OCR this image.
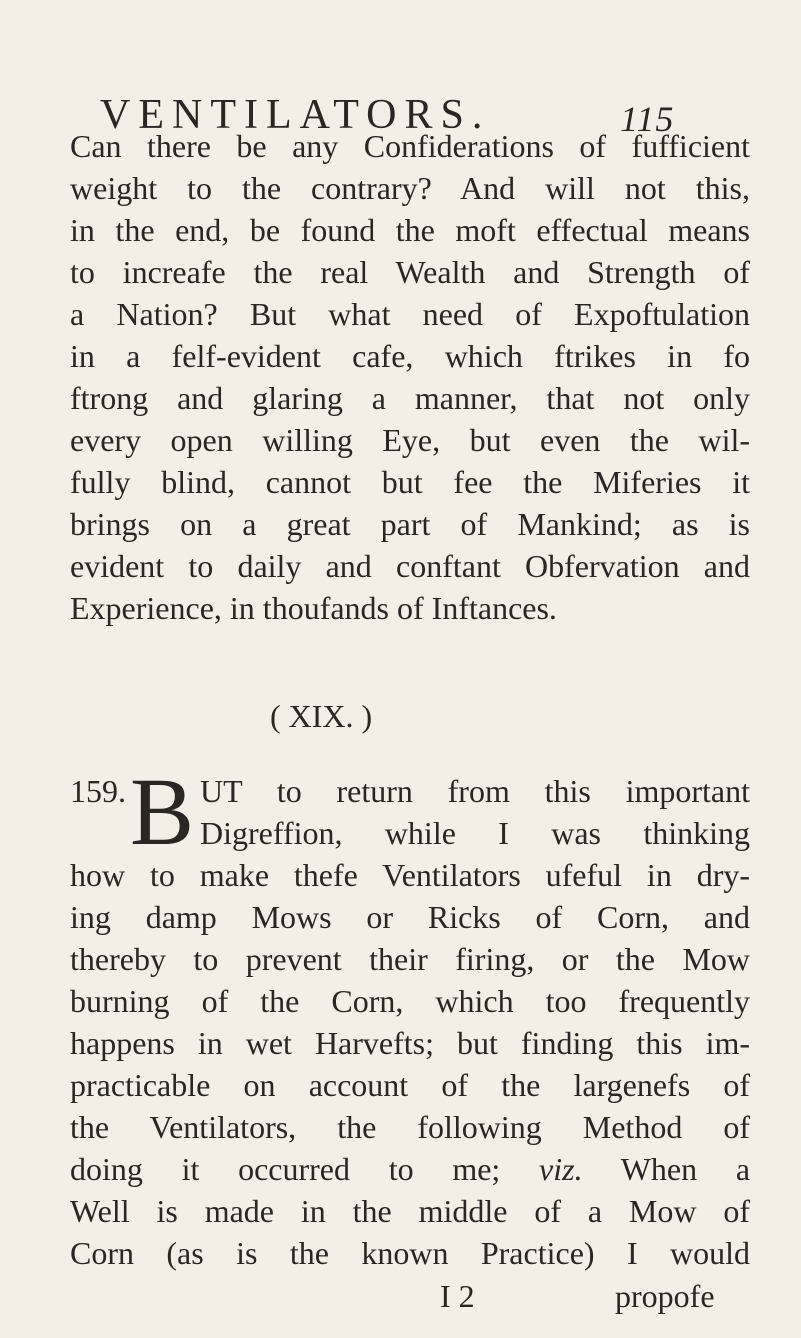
VENTILATORS.	115
Can there be any Confiderations of fufficient
weight to the contrary? And will not this,
in the end, be found the moft effectual means
to increafe the real Wealth and Strength of
a Nation? But what need of Expoftulation
in a felf-evident cafe, which ftrikes in fo
ftrong and glaring a manner, that not only
every open willing Eye, but even the wil-
fully blind, cannot but fee the Miferies it
brings on a great part of Mankind; as is
evident to daily and conftant Obfervation and
Experience, in thoufands of Inftances.
( XIX. )
159. B UT to return from this important
Digreffion, while I was thinking
how to make thefe Ventilators ufeful in dry-
ing damp Mows or Ricks of Corn, and
thereby to prevent their firing, or the Mow
burning of the Corn, which too frequently
happens in wet Harvefts; but finding this im-
practicable on account of the largenefs of
the Ventilators, the following Method of
doing it occurred to me; viz. When a
Well is made in the middle of a Mow of
Corn (as is the known Practice) I would
I 2	propofe
